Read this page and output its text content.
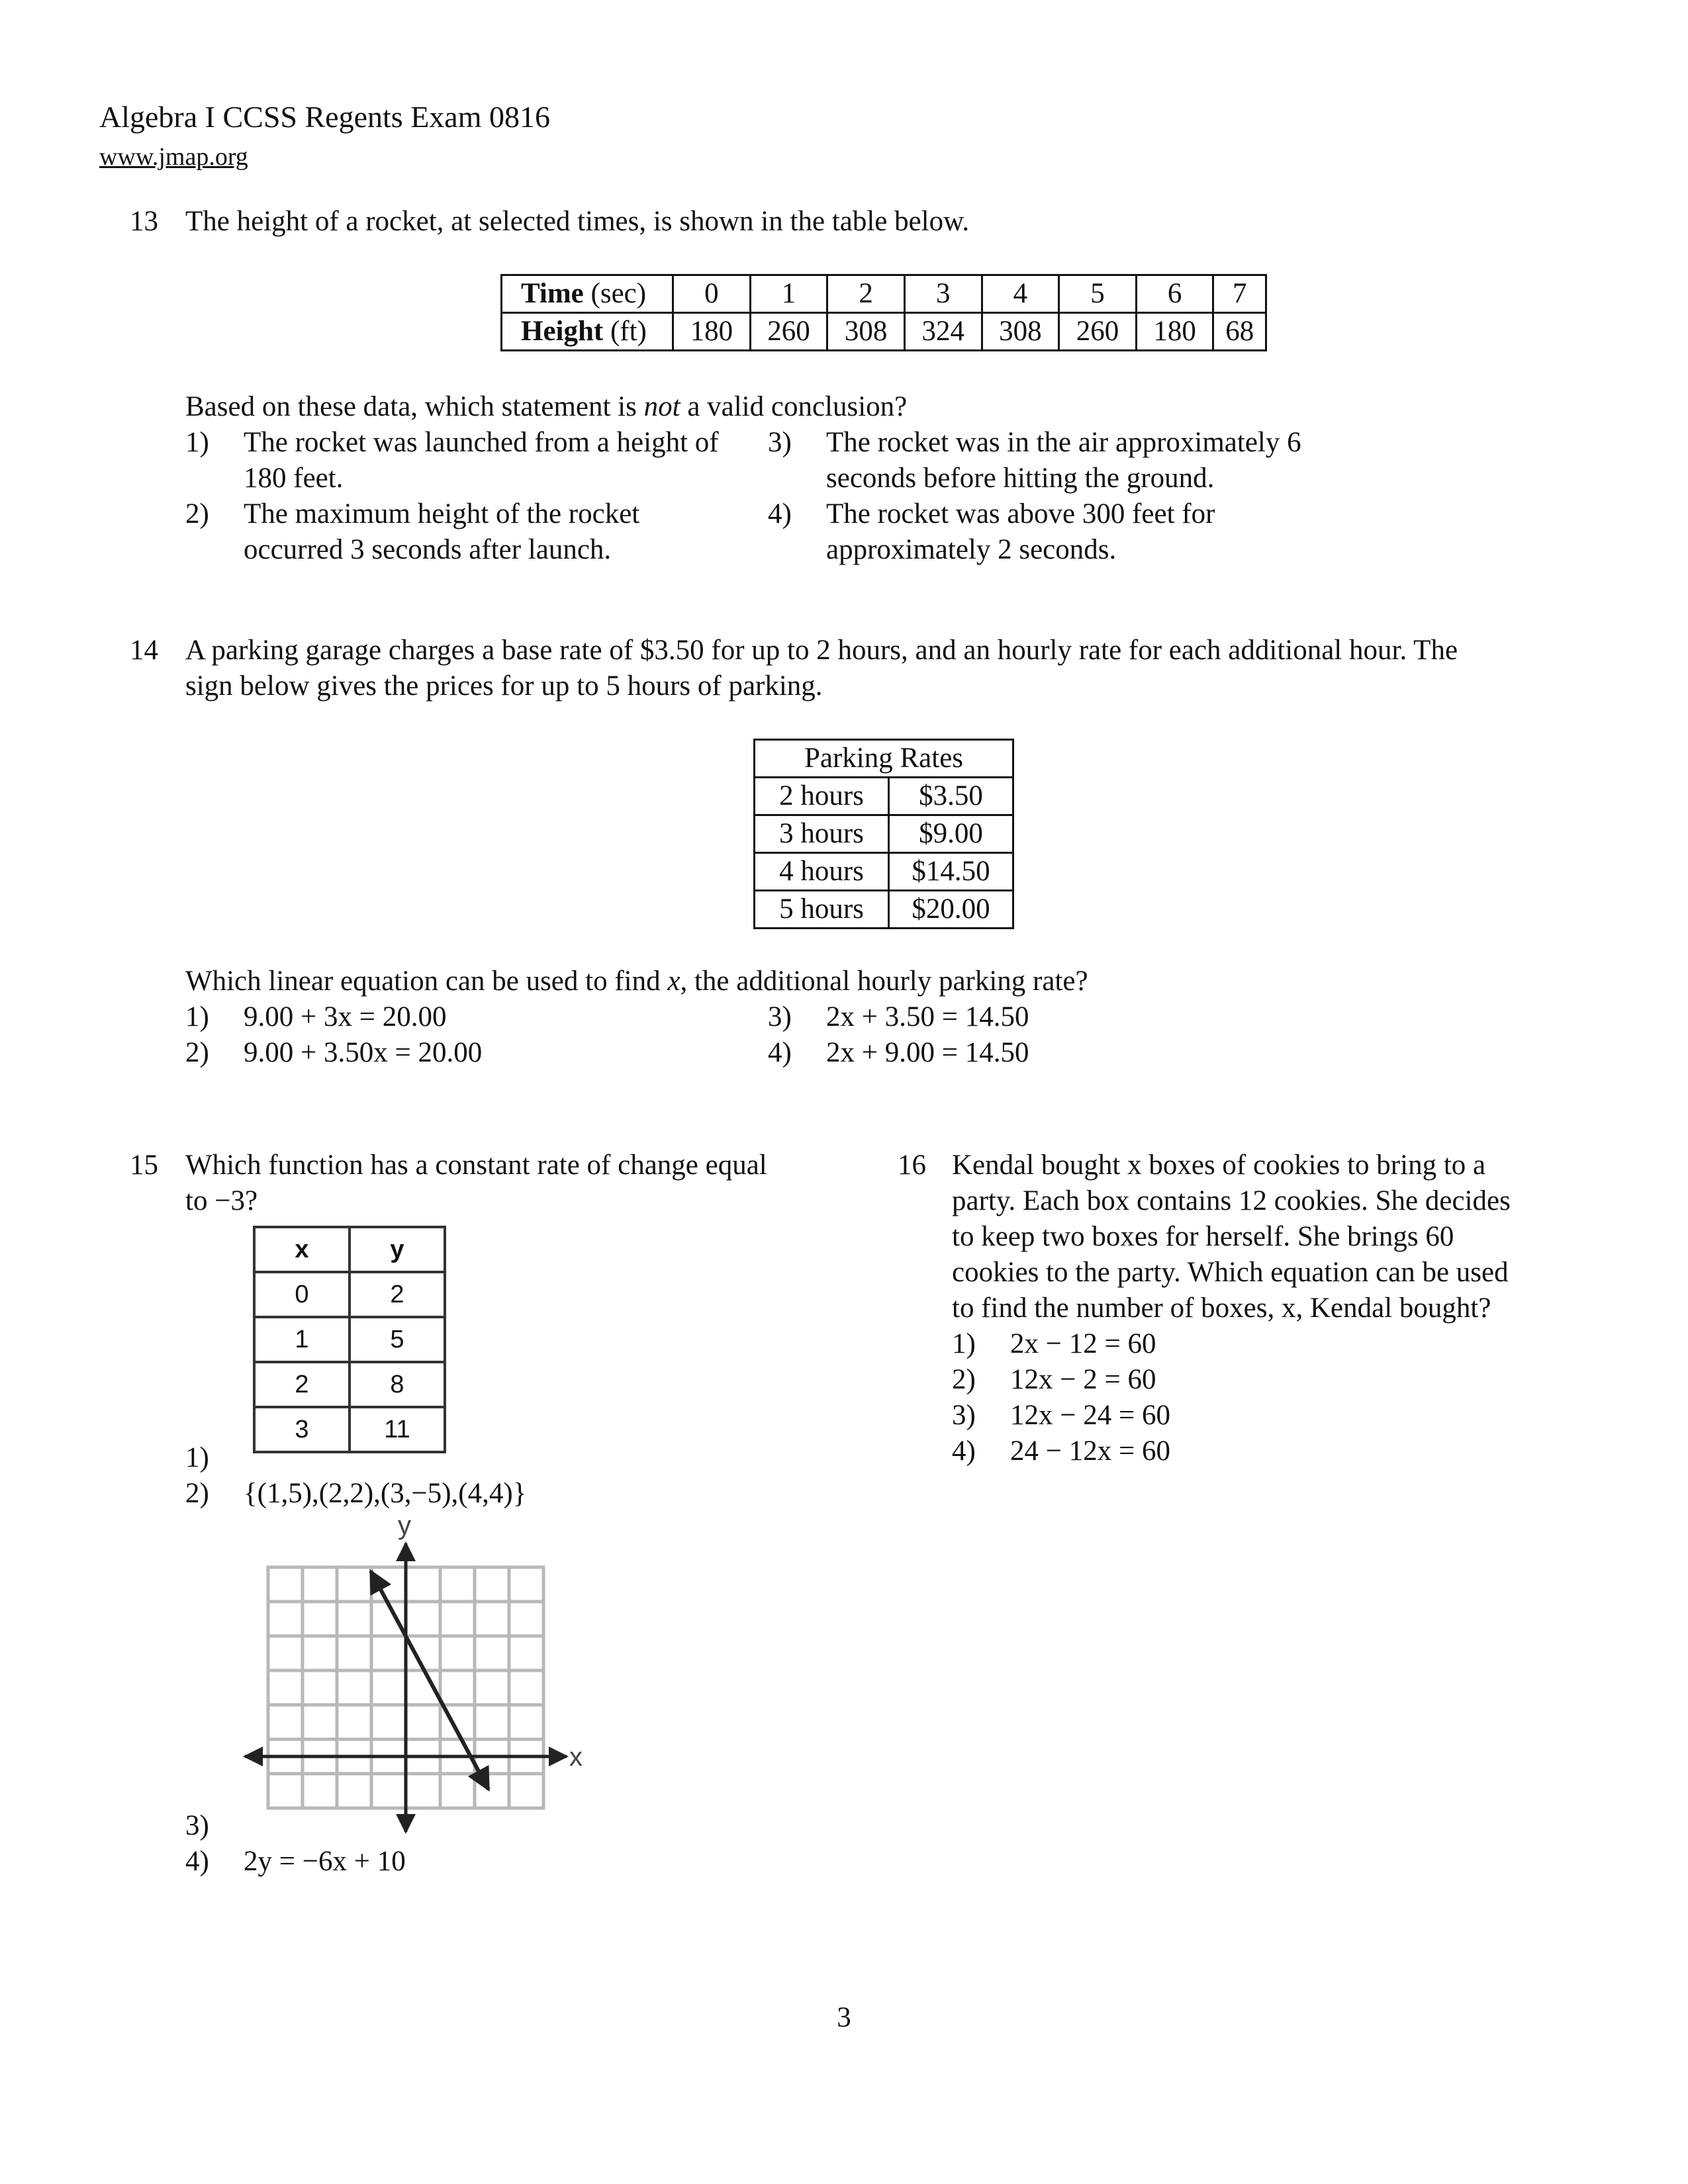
Algebra I CCSS Regents Exam 0816
www.jmap.org
13 The height of a rocket, at selected times, is shown in the table below.
Time (sec)	0	1	2	3	4	5	6	7
Height (ft)	180	260	308	324	308	260	180	68
Based on these data, which statement is not a valid conclusion?
1) The rocket was launched from a height of
180 feet.
2) The maximum height of the rocket
occurred 3 seconds after launch.
3) The rocket was in the air approximately 6
seconds before hitting the ground.
4) The rocket was above 300 feet for
approximately 2 seconds.
14 A parking garage charges a base rate of $3.50 for up to 2 hours, and an hourly rate for each additional hour. The
sign below gives the prices for up to 5 hours of parking.
Parking Rates	
2 hours	$3.50
3 hours	$9.00
4 hours	$14.50
5 hours	$20.00
Which linear equation can be used to find x, the additional hourly parking rate?
1) 9.00 + 3x = 20.00
2) 9.00 + 3.50x = 20.00
3) 2x + 3.50 = 14.50
4) 2x + 9.00 = 14.50
15 Which function has a constant rate of change equal
to −3?
x	y
0	2
1	5
2	8
3	11
1)
2) {(1,5),(2,2),(3,−5),(4,4)}
y
x
3)
4) 2y = −6x + 10
16 Kendal bought x boxes of cookies to bring to a
party. Each box contains 12 cookies. She decides
to keep two boxes for herself. She brings 60
cookies to the party. Which equation can be used
to find the number of boxes, x, Kendal bought?
1) 2x − 12 = 60
2) 12x − 2 = 60
3) 12x − 24 = 60
4) 24 − 12x = 60
3
